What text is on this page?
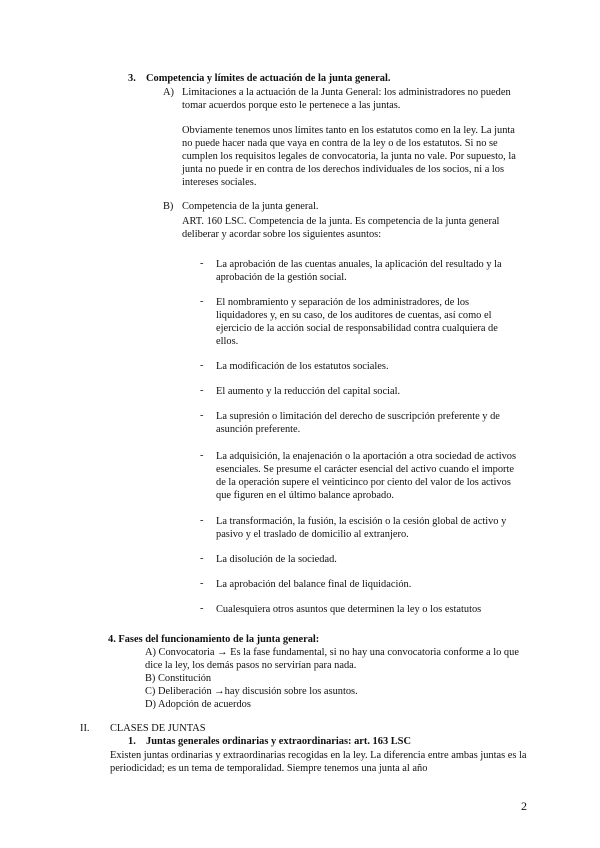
3. Competencia y límites de actuación de la junta general.
A) Limitaciones a la actuación de la Junta General: los administradores no pueden tomar acuerdos porque esto le pertenece a las juntas.
Obviamente tenemos unos límites tanto en los estatutos como en la ley. La junta no puede hacer nada que vaya en contra de la ley o de los estatutos. Si no se cumplen los requisitos legales de convocatoria, la junta no vale. Por supuesto, la junta no puede ir en contra de los derechos individuales de los socios, ni a los intereses sociales.
B) Competencia de la junta general.
ART. 160 LSC. Competencia de la junta. Es competencia de la junta general deliberar y acordar sobre los siguientes asuntos:
- La aprobación de las cuentas anuales, la aplicación del resultado y la aprobación de la gestión social.
- El nombramiento y separación de los administradores, de los liquidadores y, en su caso, de los auditores de cuentas, así como el ejercicio de la acción social de responsabilidad contra cualquiera de ellos.
- La modificación de los estatutos sociales.
- El aumento y la reducción del capital social.
- La supresión o limitación del derecho de suscripción preferente y de asunción preferente.
- La adquisición, la enajenación o la aportación a otra sociedad de activos esenciales. Se presume el carácter esencial del activo cuando el importe de la operación supere el veinticinco por ciento del valor de los activos que figuren en el último balance aprobado.
- La transformación, la fusión, la escisión o la cesión global de activo y pasivo y el traslado de domicilio al extranjero.
- La disolución de la sociedad.
- La aprobación del balance final de liquidación.
- Cualesquiera otros asuntos que determinen la ley o los estatutos
4. Fases del funcionamiento de la junta general:
A) Convocatoria → Es la fase fundamental, si no hay una convocatoria conforme a lo que dice la ley, los demás pasos no servirían para nada.
B) Constitución
C) Deliberación →hay discusión sobre los asuntos.
D) Adopción de acuerdos
II. CLASES DE JUNTAS
1. Juntas generales ordinarias y extraordinarias: art. 163 LSC
Existen juntas ordinarias y extraordinarias recogidas en la ley. La diferencia entre ambas juntas es la periodicidad; es un tema de temporalidad. Siempre tenemos una junta al año
2
